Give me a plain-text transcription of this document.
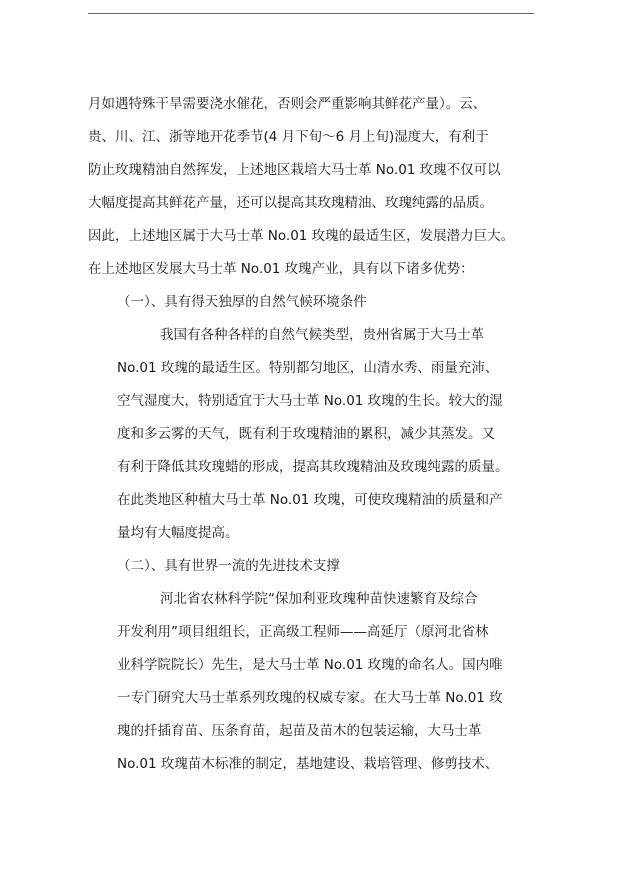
月如遇特殊干旱需要浇水催花，否则会严重影响其鲜花产量）。云、
贵、川、江、浙等地开花季节(4 月下旬～6 月上旬)湿度大，有利于
防止玫瑰精油自然挥发，上述地区栽培大马士革 No.01 玫瑰不仅可以
大幅度提高其鲜花产量，还可以提高其玫瑰精油、玫瑰纯露的品质。
因此，上述地区属于大马士革 No.01 玫瑰的最适生区，发展潜力巨大。
在上述地区发展大马士革 No.01 玫瑰产业，具有以下诸多优势：
（一）、具有得天独厚的自然气候环境条件
我国有各种各样的自然气候类型，贵州省属于大马士革
No.01 玫瑰的最适生区。特别都匀地区，山清水秀、雨量充沛、
空气湿度大，特别适宜于大马士革 No.01 玫瑰的生长。较大的湿
度和多云雾的天气，既有利于玫瑰精油的累积，减少其蒸发。又
有利于降低其玫瑰蜡的形成，提高其玫瑰精油及玫瑰纯露的质量。
在此类地区种植大马士革 No.01 玫瑰，可使玫瑰精油的质量和产
量均有大幅度提高。
（二）、具有世界一流的先进技术支撑
河北省农林科学院“保加利亚玫瑰种苗快速繁育及综合
开发利用”项目组组长，正高级工程师——高延厅（原河北省林
业科学院院长）先生，是大马士革 No.01 玫瑰的命名人。国内唯
一专门研究大马士革系列玫瑰的权威专家。在大马士革 No.01 玫
瑰的扦插育苗、压条育苗，起苗及苗木的包装运输，大马士革
No.01 玫瑰苗木标准的制定，基地建设、栽培管理、修剪技术、
